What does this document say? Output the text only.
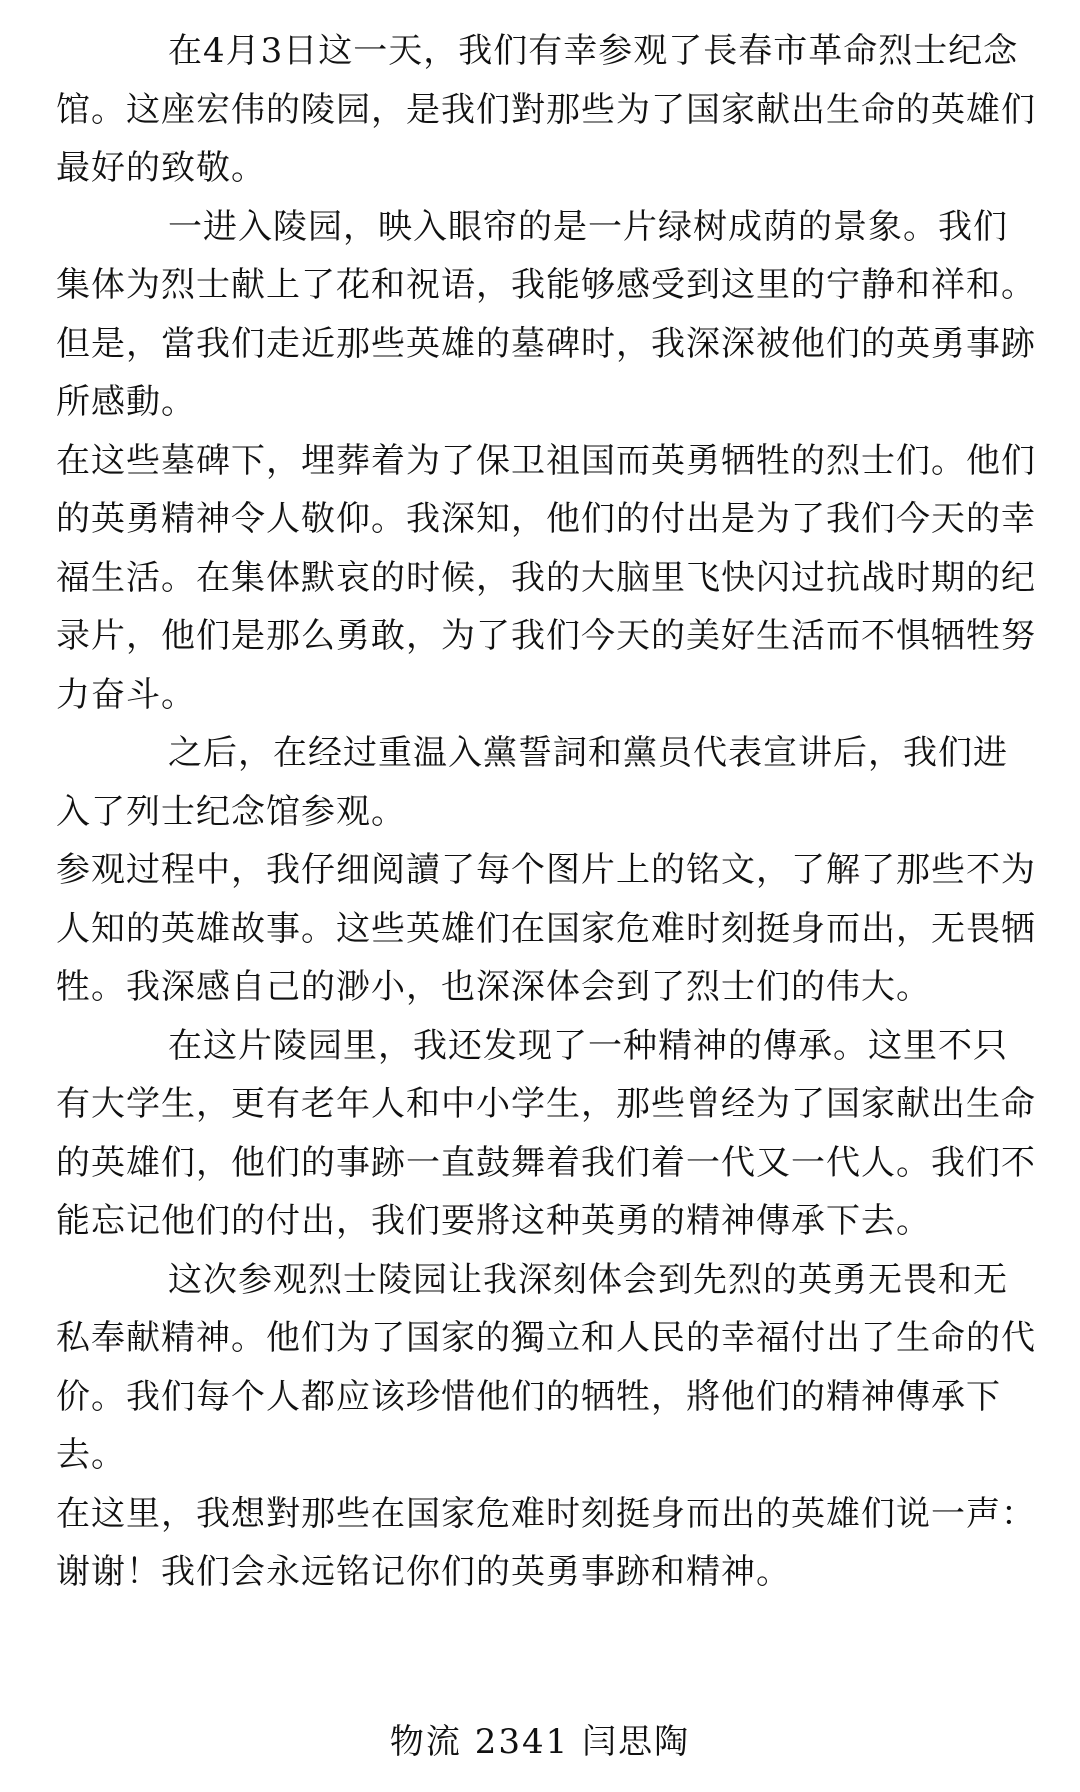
在4月3日这一天，我们有幸参观了長春市革命烈士纪念馆。这座宏伟的陵园，是我们對那些为了国家献出生命的英雄们最好的致敬。

一进入陵园，映入眼帘的是一片绿树成荫的景象。我们集体为烈士献上了花和祝语，我能够感受到这里的宁静和祥和。但是，當我们走近那些英雄的墓碑时，我深深被他们的英勇事跡所感動。

在这些墓碑下，埋葬着为了保卫祖国而英勇牺牲的烈士们。他们的英勇精神令人敬仰。我深知，他们的付出是为了我们今天的幸福生活。在集体默哀的时候，我的大脑里飞快闪过抗战时期的纪录片，他们是那么勇敢，为了我们今天的美好生活而不惧牺牲努力奋斗。

之后，在经过重温入黨誓詞和黨员代表宣讲后，我们进入了列士纪念馆参观。

参观过程中，我仔细阅讀了每个图片上的铭文，了解了那些不为人知的英雄故事。这些英雄们在国家危难时刻挺身而出，无畏牺牲。我深感自己的渺小，也深深体会到了烈士们的伟大。

在这片陵园里，我还发现了一种精神的傳承。这里不只有大学生，更有老年人和中小学生，那些曾经为了国家献出生命的英雄们，他们的事跡一直鼓舞着我们着一代又一代人。我们不能忘记他们的付出，我们要將这种英勇的精神傳承下去。

这次参观烈士陵园让我深刻体会到先烈的英勇无畏和无私奉献精神。他们为了国家的獨立和人民的幸福付出了生命的代价。我们每个人都应该珍惜他们的牺牲，將他们的精神傳承下去。

在这里，我想對那些在国家危难时刻挺身而出的英雄们说一声：谢谢！我们会永远铭记你们的英勇事跡和精神。

物流 2341 闫思陶
